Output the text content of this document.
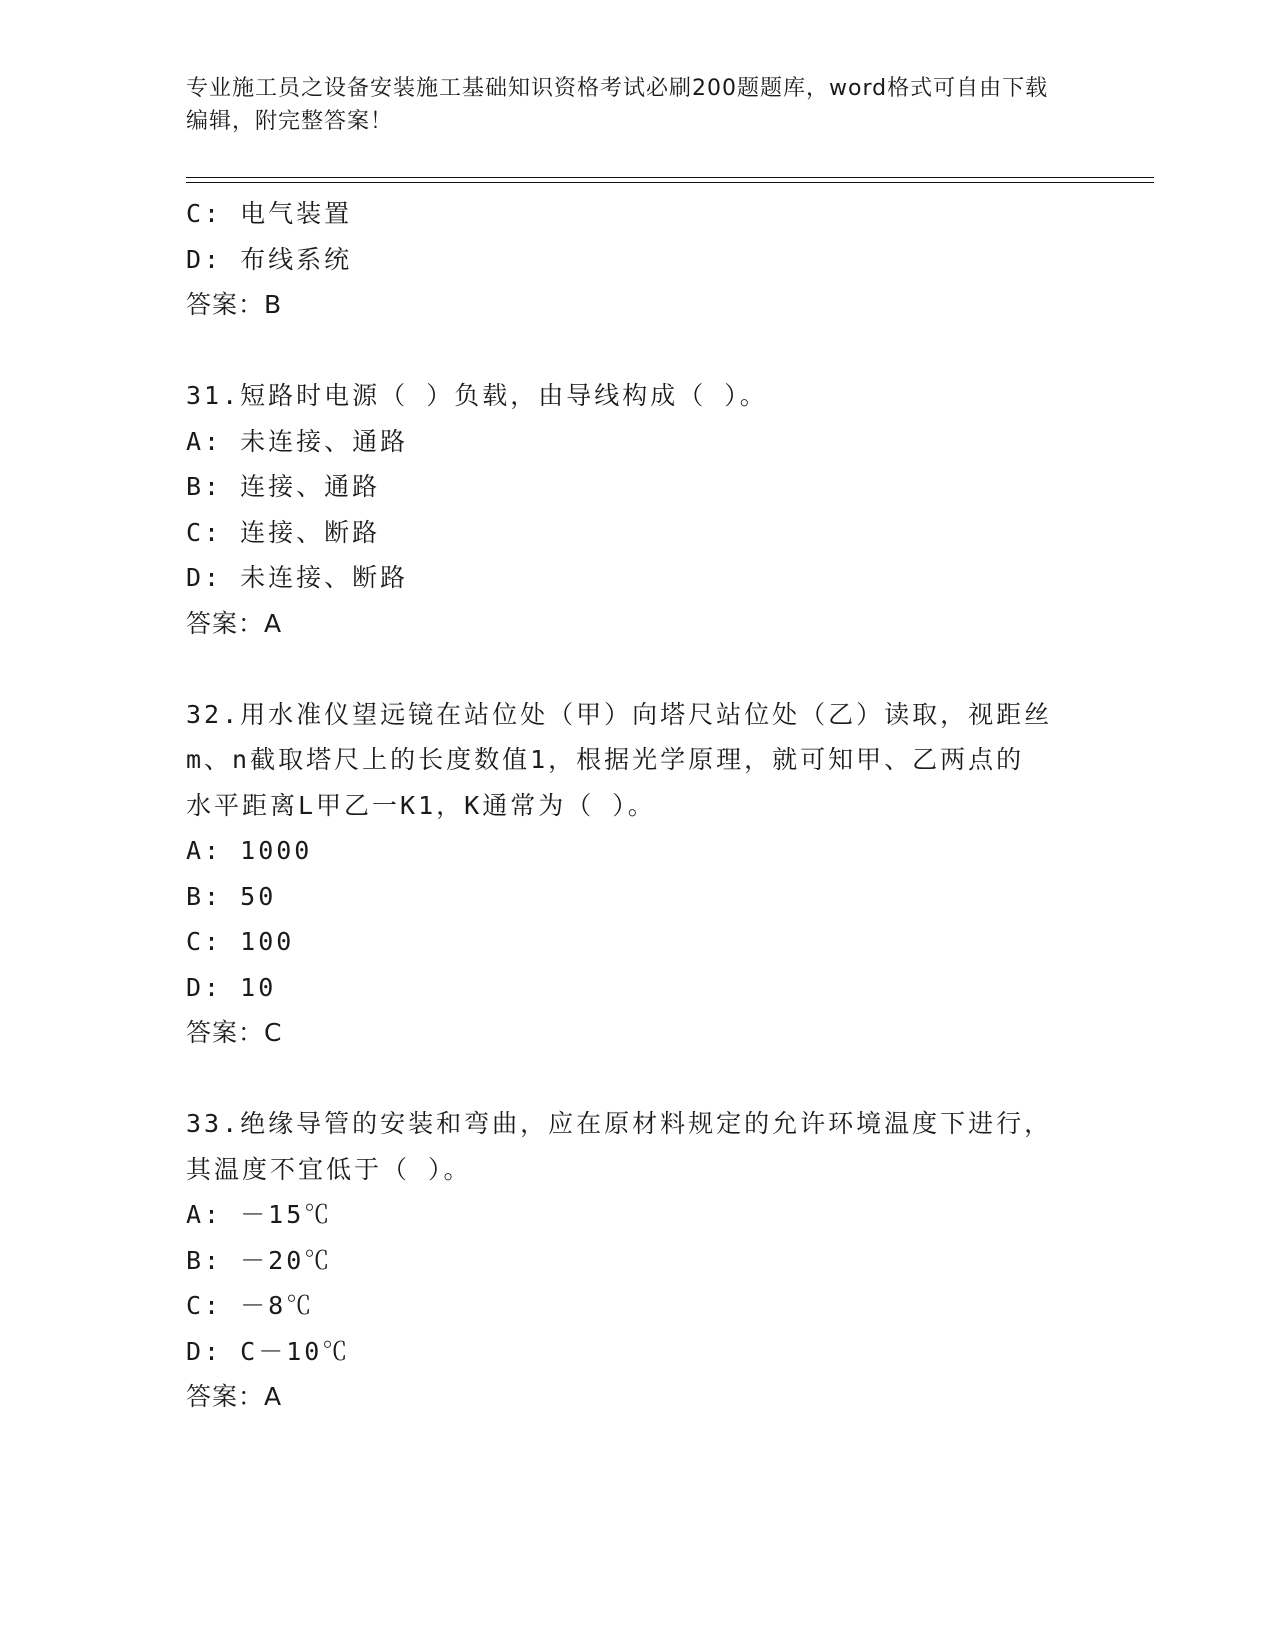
专业施工员之设备安装施工基础知识资格考试必刷200题题库，word格式可自由下载编辑，附完整答案！
C: 电气装置
D: 布线系统
答案：B
31.短路时电源（ ）负载，由导线构成（ ）。
A: 未连接、通路
B: 连接、通路
C: 连接、断路
D: 未连接、断路
答案：A
32.用水准仪望远镜在站位处（甲）向塔尺站位处（乙）读取，视距丝
m、n截取塔尺上的长度数值1，根据光学原理，就可知甲、乙两点的
水平距离L甲乙一K1，K通常为（ ）。
A: 1000
B: 50
C: 100
D: 10
答案：C
33.绝缘导管的安装和弯曲，应在原材料规定的允许环境温度下进行，
其温度不宜低于（ ）。
A: －15℃
B: －20℃
C: －8℃
D: C－10℃
答案：A
